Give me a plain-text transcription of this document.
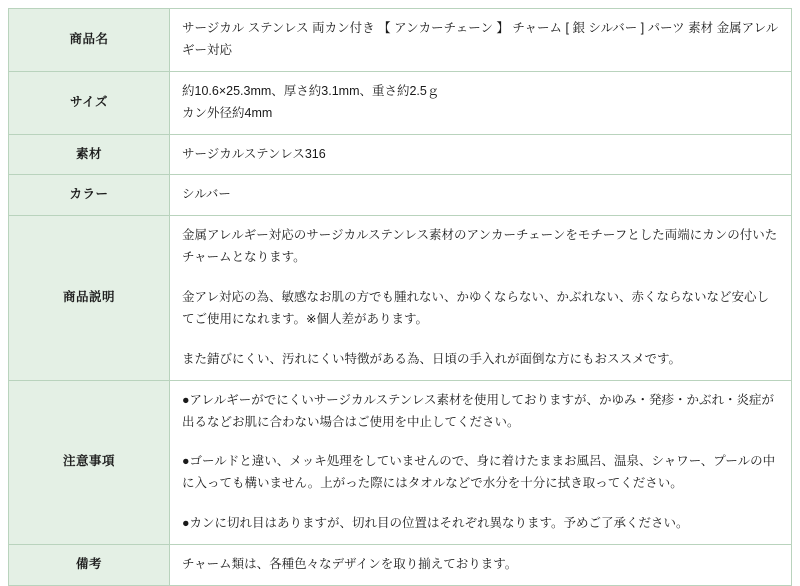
商品名	サージカル ステンレス 両カン付き 【 アンカーチェーン 】 チャーム [ 銀 シルバー ] パーツ 素材 金属アレルギー対応

サイズ	約10.6×25.3mm、厚さ約3.1mm、重さ約2.5ｇ

カン外径約4mm

素材	サージカルステンレス316

カラー	シルバー

商品説明	金属アレルギー対応のサージカルステンレス素材のアンカーチェーンをモチーフとした両端にカンの付いたチャームとなります。

金アレ対応の為、敏感なお肌の方でも腫れない、かゆくならない、かぶれない、赤くならないなど安心してご使用になれます。※個人差があります。

また錆びにくい、汚れにくい特徴がある為、日頃の手入れが面倒な方にもおススメです。

注意事項	●アレルギーがでにくいサージカルステンレス素材を使用しておりますが、かゆみ・発疹・かぶれ・炎症が出るなどお肌に合わない場合はご使用を中止してください。

●ゴールドと違い、メッキ処理をしていませんので、身に着けたままお風呂、温泉、シャワー、プールの中に入っても構いません。上がった際にはタオルなどで水分を十分に拭き取ってください。

●カンに切れ目はありますが、切れ目の位置はそれぞれ異なります。予めご了承ください。

備考	チャーム類は、各種色々なデザインを取り揃えております。
